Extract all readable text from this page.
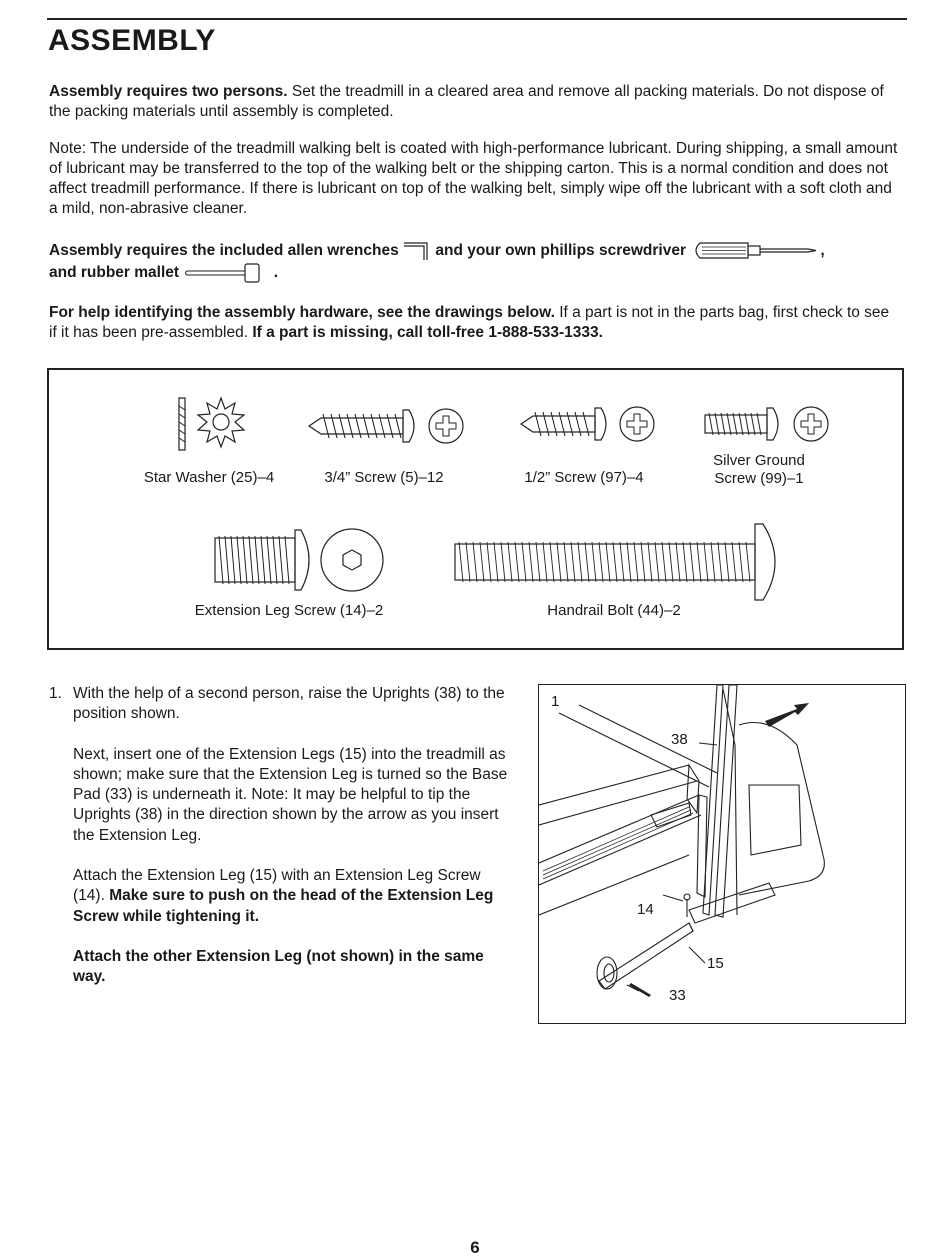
ASSEMBLY
Assembly requires two persons. Set the treadmill in a cleared area and remove all packing materials. Do not dispose of the packing materials until assembly is completed.
Note: The underside of the treadmill walking belt is coated with high-performance lubricant. During shipping, a small amount of lubricant may be transferred to the top of the walking belt or the shipping carton. This is a normal condition and does not affect treadmill performance. If there is lubricant on top of the walking belt, simply wipe off the lubricant with a soft cloth and a mild, non-abrasive cleaner.
Assembly requires the included allen wrenches and your own phillips screwdriver	,
and rubber mallet	.
For help identifying the assembly hardware, see the drawings below. If a part is not in the parts bag, first check to see if it has been pre-assembled. If a part is missing, call toll-free 1-888-533-1333.
Star Washer (25)–4	3/4” Screw (5)–12	1/2” Screw (97)–4
Silver Ground
Screw (99)–1
Extension Leg Screw (14)–2	Handrail Bolt (44)–2
1. With the help of a second person, raise the Uprights (38) to the position shown.

Next, insert one of the Extension Legs (15) into the treadmill as shown; make sure that the Extension Leg is turned so the Base Pad (33) is underneath it. Note: It may be helpful to tip the Uprights (38) in the direction shown by the arrow as you insert the Extension Leg.

Attach the Extension Leg (15) with an Extension Leg Screw (14). Make sure to push on the head of the Extension Leg Screw while tightening it.

Attach the other Extension Leg (not shown) in the same way.

1
38
14
15
33
6
